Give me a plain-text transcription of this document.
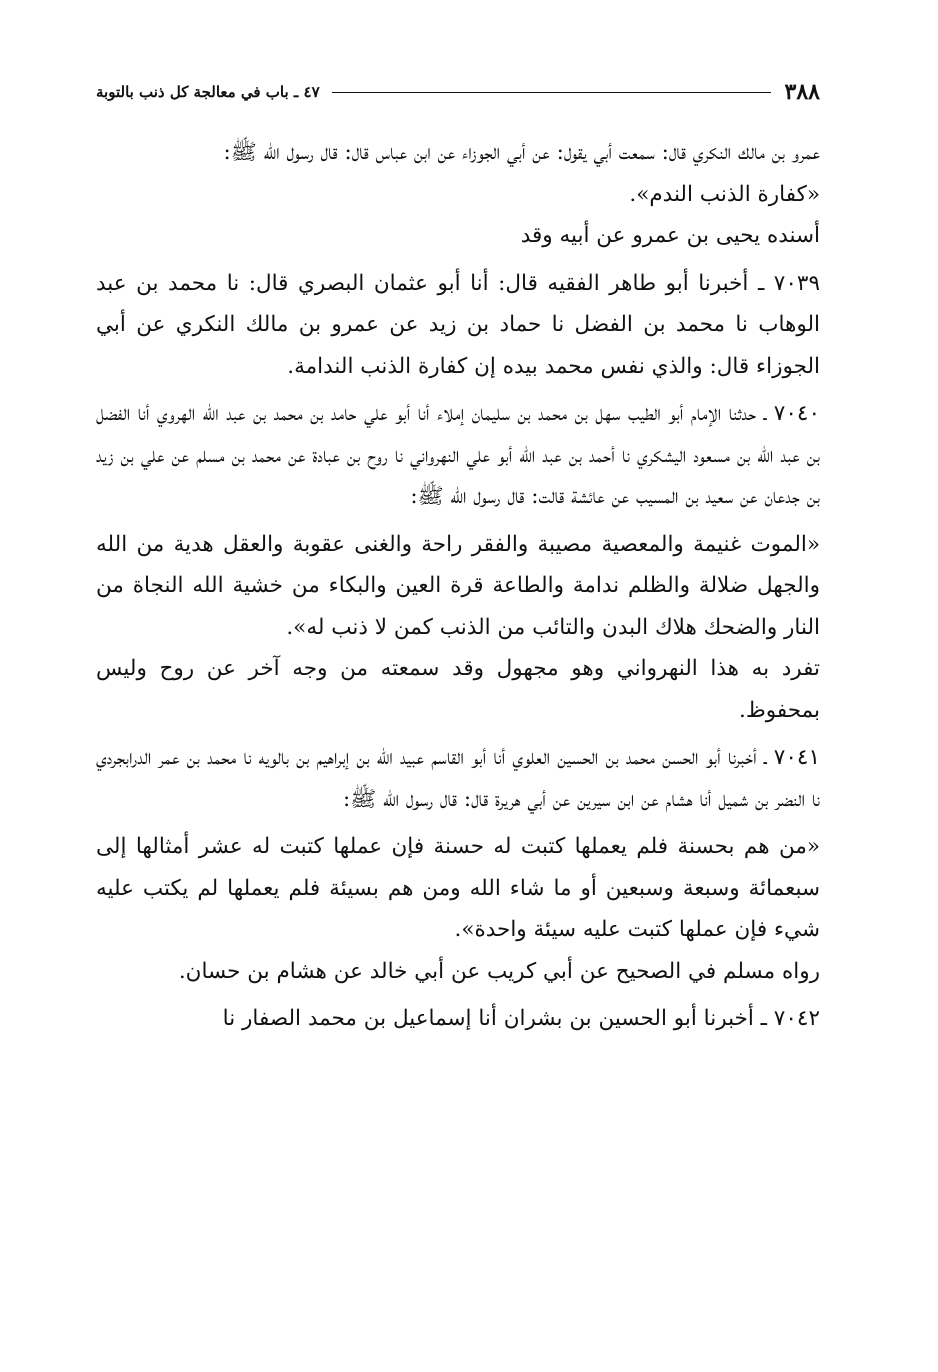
٣٨٨
٤٧ ـ باب في معالجة كل ذنب بالتوبة

عمرو بن مالك النكري قال: سمعت أبي يقول: عن أبي الجوزاء عن ابن عباس قال: قال رسول الله ﷺ:

«كفارة الذنب الندم».

أسنده يحيى بن عمرو عن أبيه وقد

٧٠٣٩ ـ أخبرنا أبو طاهر الفقيه قال: أنا أبو عثمان البصري قال: نا محمد بن عبد الوهاب نا محمد بن الفضل نا حماد بن زيد عن عمرو بن مالك النكري عن أبي الجوزاء قال: والذي نفس محمد بيده إن كفارة الذنب الندامة.

٧٠٤٠ ـ حدثنا الإمام أبو الطيب سهل بن محمد بن سليمان إملاء أنا أبو علي حامد بن محمد بن عبد الله الهروي أنا الفضل بن عبد الله بن مسعود اليشكري نا أحمد بن عبد الله أبو علي النهرواني نا روح بن عبادة عن محمد بن مسلم عن علي بن زيد بن جدعان عن سعيد بن المسيب عن عائشة قالت: قال رسول الله ﷺ:

«الموت غنيمة والمعصية مصيبة والفقر راحة والغنى عقوبة والعقل هدية من الله والجهل ضلالة والظلم ندامة والطاعة قرة العين والبكاء من خشية الله النجاة من النار والضحك هلاك البدن والتائب من الذنب كمن لا ذنب له».

تفرد به هذا النهرواني وهو مجهول وقد سمعته من وجه آخر عن روح وليس بمحفوظ.

٧٠٤١ ـ أخبرنا أبو الحسن محمد بن الحسين العلوي أنا أبو القاسم عبيد الله بن إبراهيم بن بالويه نا محمد بن عمر الدرابجردي نا النضر بن شميل أنا هشام عن ابن سيرين عن أبي هريرة قال: قال رسول الله ﷺ:

«من هم بحسنة فلم يعملها كتبت له حسنة فإن عملها كتبت له عشر أمثالها إلى سبعمائة وسبعة وسبعين أو ما شاء الله ومن هم بسيئة فلم يعملها لم يكتب عليه شيء فإن عملها كتبت عليه سيئة واحدة».

رواه مسلم في الصحيح عن أبي كريب عن أبي خالد عن هشام بن حسان.

٧٠٤٢ ـ أخبرنا أبو الحسين بن بشران أنا إسماعيل بن محمد الصفار نا
